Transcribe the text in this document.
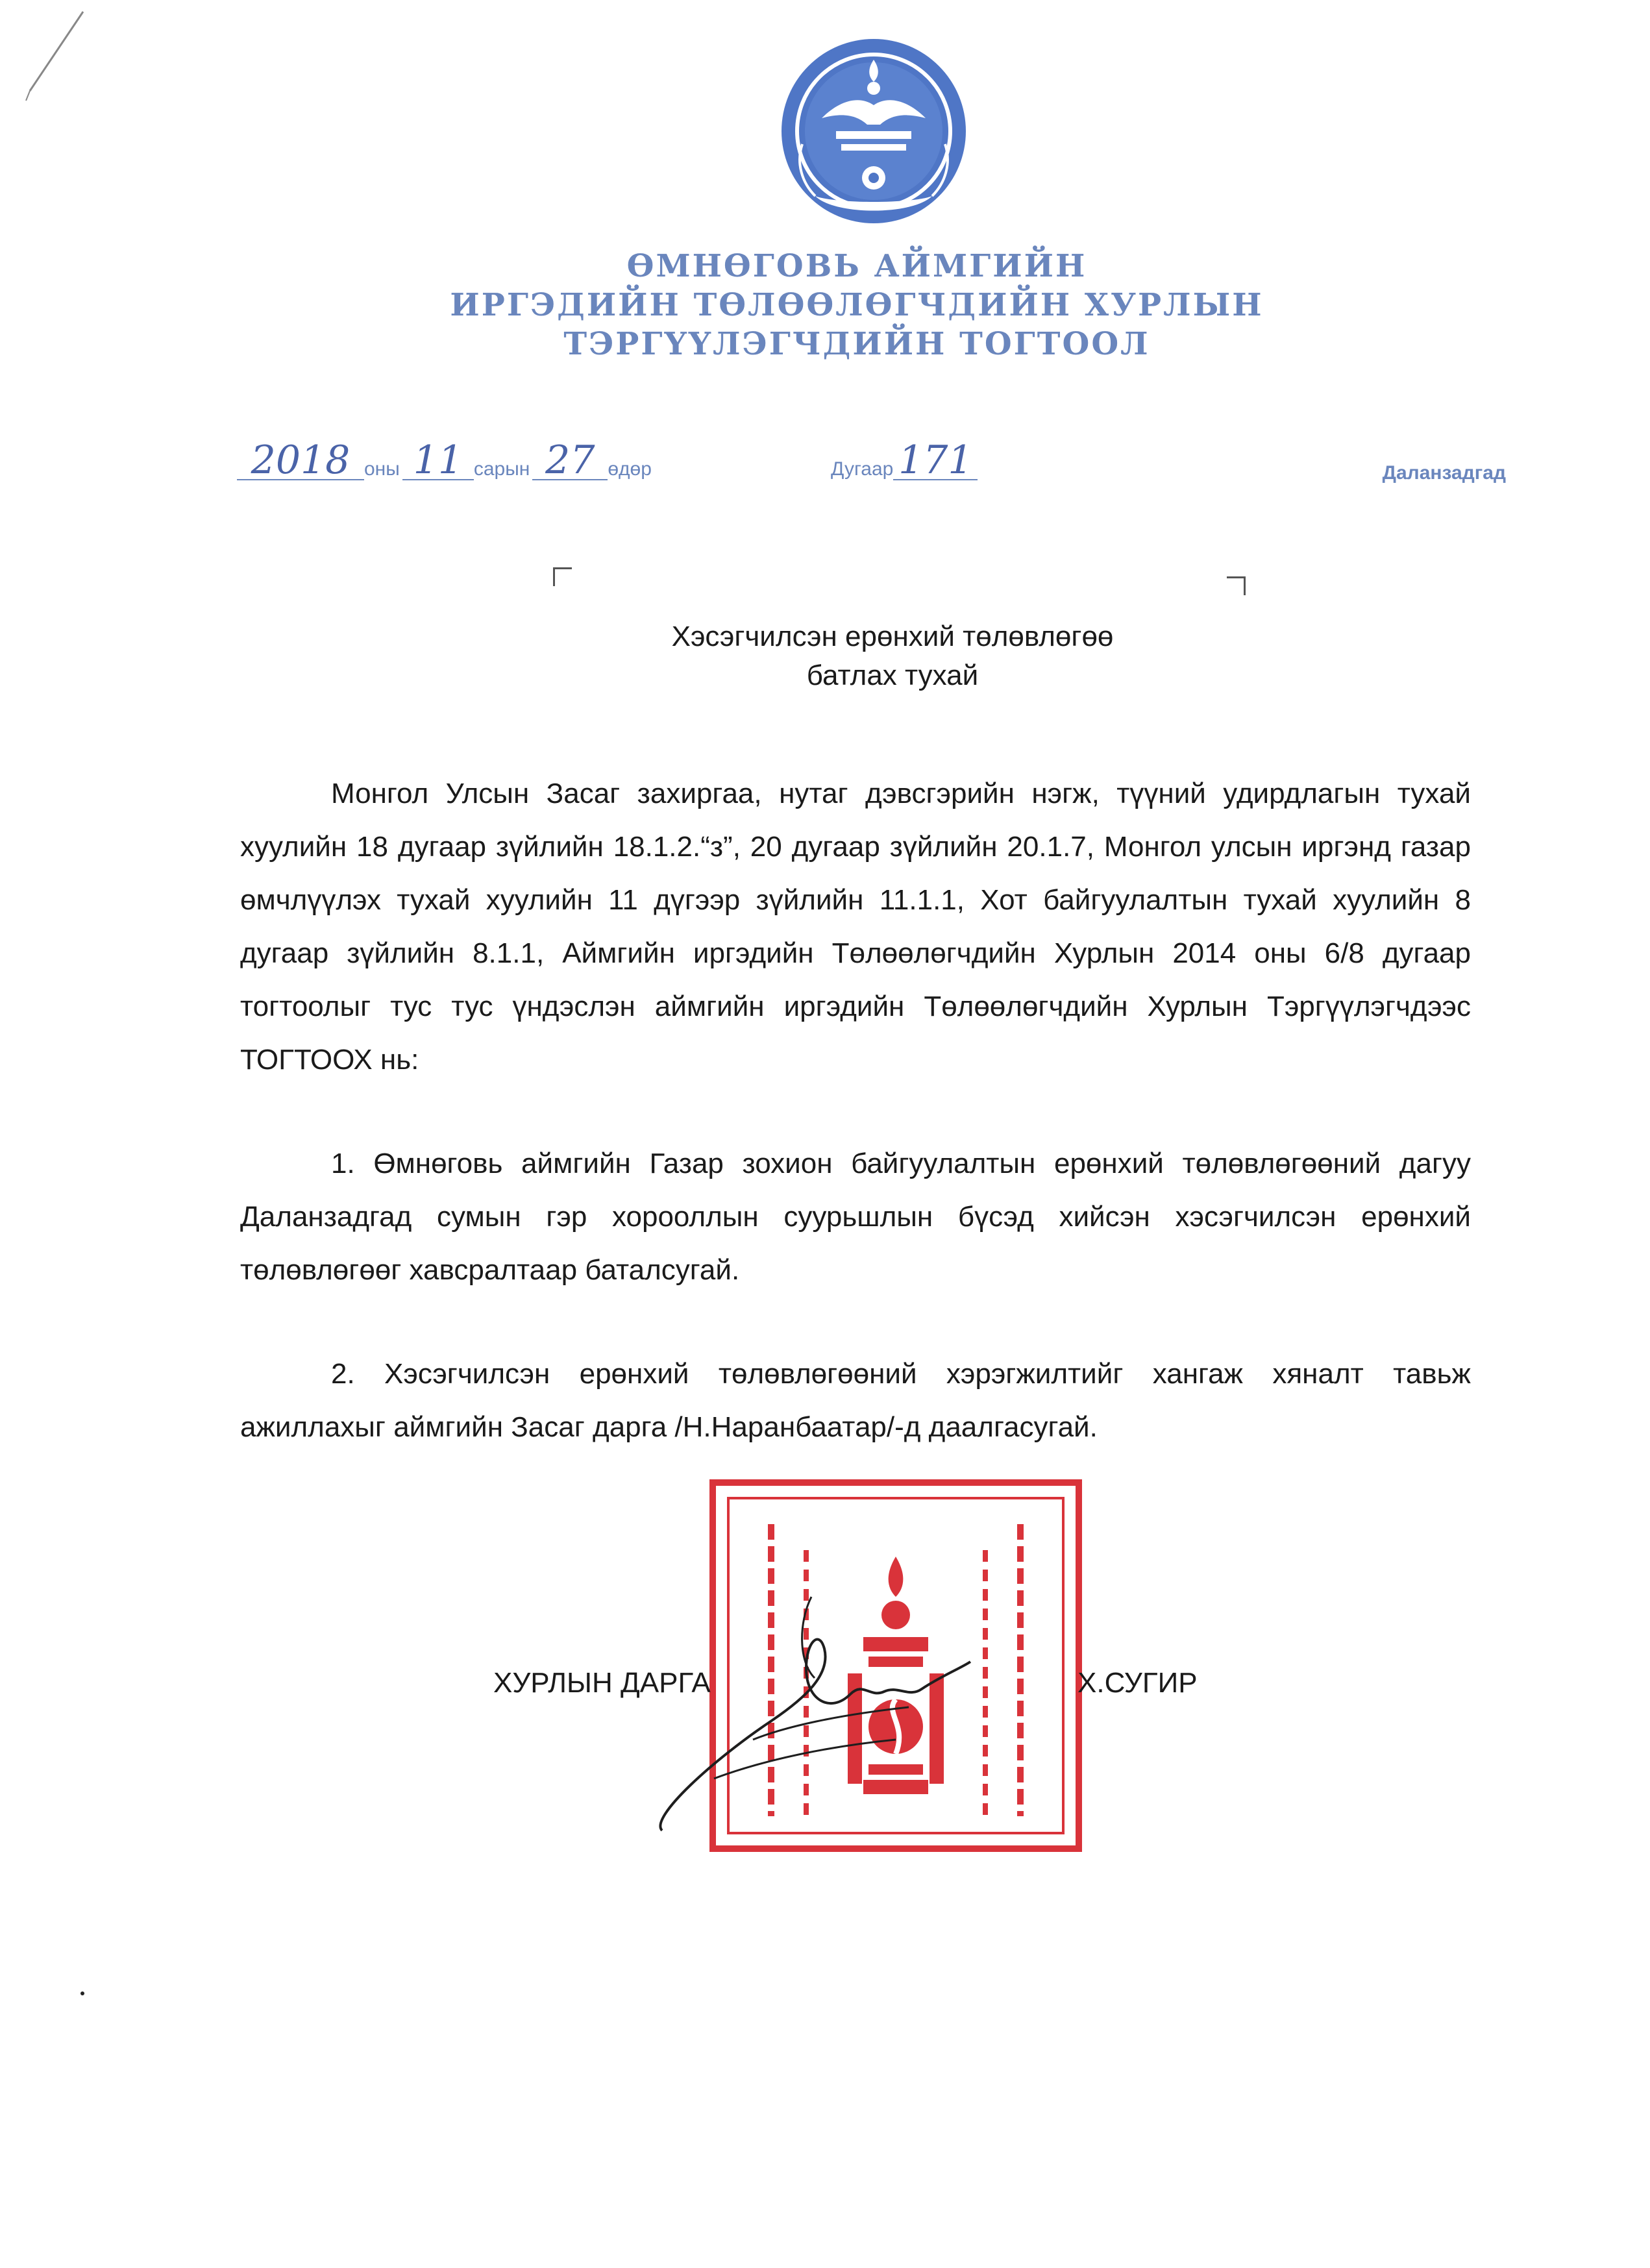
ӨМНӨГОВЬ АЙМГИЙН
ИРГЭДИЙН ТӨЛӨӨЛӨГЧДИЙН ХУРЛЫН
ТЭРГҮҮЛЭГЧДИЙН ТОГТООЛ
2018 оны 11 сарын 27 өдөр	Дугаар 171	Даланзадгад
Хэсэгчилсэн ерөнхий төлөвлөгөө
батлах тухай

Монгол Улсын Засаг захиргаа, нутаг дэвсгэрийн нэгж, түүний удирдлагын тухай хуулийн 18 дугаар зүйлийн 18.1.2.“з”, 20 дугаар зүйлийн 20.1.7, Монгол улсын иргэнд газар өмчлүүлэх тухай хуулийн 11 дүгээр зүйлийн 11.1.1, Хот байгуулалтын тухай хуулийн 8 дугаар зүйлийн 8.1.1, Аймгийн иргэдийн Төлөөлөгчдийн Хурлын 2014 оны 6/8 дугаар тогтоолыг тус тус үндэслэн аймгийн иргэдийн Төлөөлөгчдийн Хурлын Тэргүүлэгчдээс ТОГТООХ нь:

1. Өмнөговь аймгийн Газар зохион байгуулалтын ерөнхий төлөвлөгөөний дагуу Даланзадгад сумын гэр хорооллын суурьшлын бүсэд хийсэн хэсэгчилсэн ерөнхий төлөвлөгөөг хавсралтаар баталсугай.

2. Хэсэгчилсэн ерөнхий төлөвлөгөөний хэрэгжилтийг хангаж хяналт тавьж ажиллахыг аймгийн Засаг дарга /Н.Наранбаатар/-д даалгасугай.

ХУРЛЫН ДАРГА	Х.СУГИР
